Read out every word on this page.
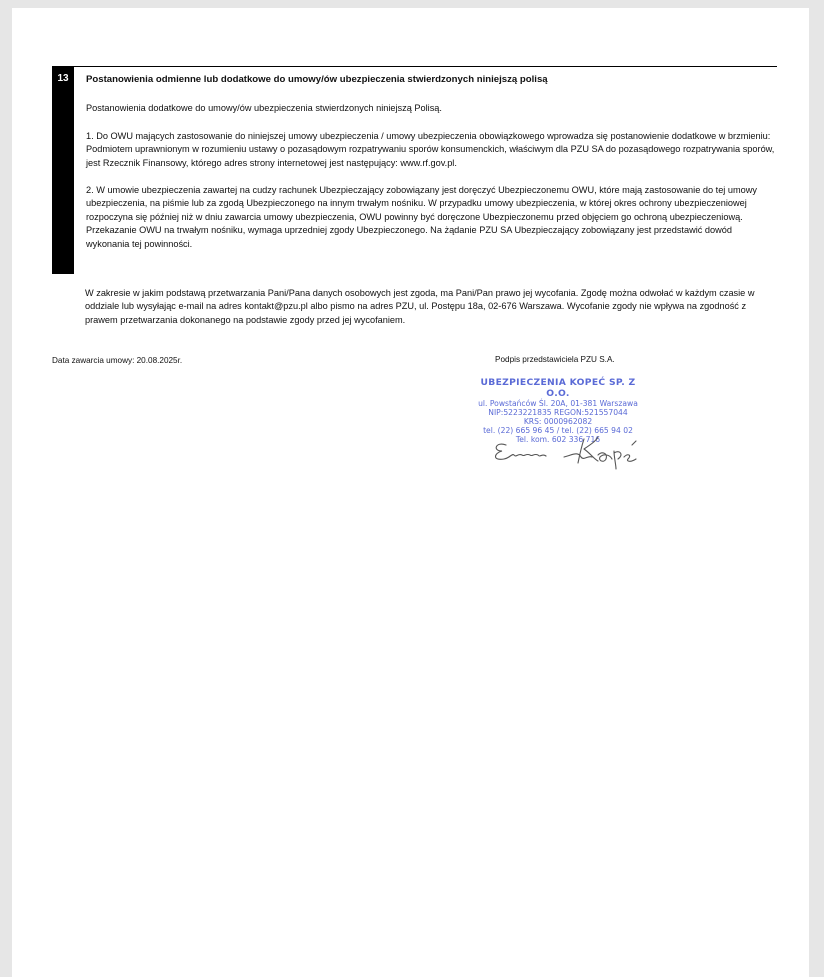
13	Postanowienia odmienne lub dodatkowe do umowy/ów ubezpieczenia stwierdzonych niniejszą polisą

Postanowienia dodatkowe do umowy/ów ubezpieczenia stwierdzonych niniejszą Polisą.

1. Do OWU mających zastosowanie do niniejszej umowy ubezpieczenia / umowy ubezpieczenia obowiązkowego wprowadza się postanowienie dodatkowe w brzmieniu:

Podmiotem uprawnionym w rozumieniu ustawy o pozasądowym rozpatrywaniu sporów konsumenckich, właściwym dla PZU SA do pozasądowego rozpatrywania sporów, jest Rzecznik Finansowy, którego adres strony internetowej jest następujący: www.rf.gov.pl.

2. W umowie ubezpieczenia zawartej na cudzy rachunek Ubezpieczający zobowiązany jest doręczyć Ubezpieczonemu OWU, które mają zastosowanie do tej umowy ubezpieczenia, na piśmie lub za zgodą Ubezpieczonego na innym trwałym nośniku. W przypadku umowy ubezpieczenia, w której okres ochrony ubezpieczeniowej rozpoczyna się później niż w dniu zawarcia umowy ubezpieczenia, OWU powinny być doręczone Ubezpieczonemu przed objęciem go ochroną ubezpieczeniową. Przekazanie OWU na trwałym nośniku, wymaga uprzedniej zgody Ubezpieczonego. Na żądanie PZU SA Ubezpieczający zobowiązany jest przedstawić dowód wykonania tej powinności.

W zakresie w jakim podstawą przetwarzania Pani/Pana danych osobowych jest zgoda, ma Pani/Pan prawo jej wycofania. Zgodę można odwołać w każdym czasie w oddziale lub wysyłając e-mail na adres kontakt@pzu.pl albo pismo na adres PZU, ul. Postępu 18a, 02-676 Warszawa. Wycofanie zgody nie wpływa na zgodność z prawem przetwarzania dokonanego na podstawie zgody przed jej wycofaniem.

Data zawarcia umowy: 20.08.2025r.	Podpis przedstawiciela PZU S.A.
UBEZPIECZENIA KOPEĆ SP. Z O.O.
ul. Powstańców Śl. 20A, 01-381 Warszawa
NIP:5223221835 REGON:521557044
KRS: 0000962082
tel. (22) 665 96 45 / tel. (22) 665 94 02
Tel. kom. 602 336 716
